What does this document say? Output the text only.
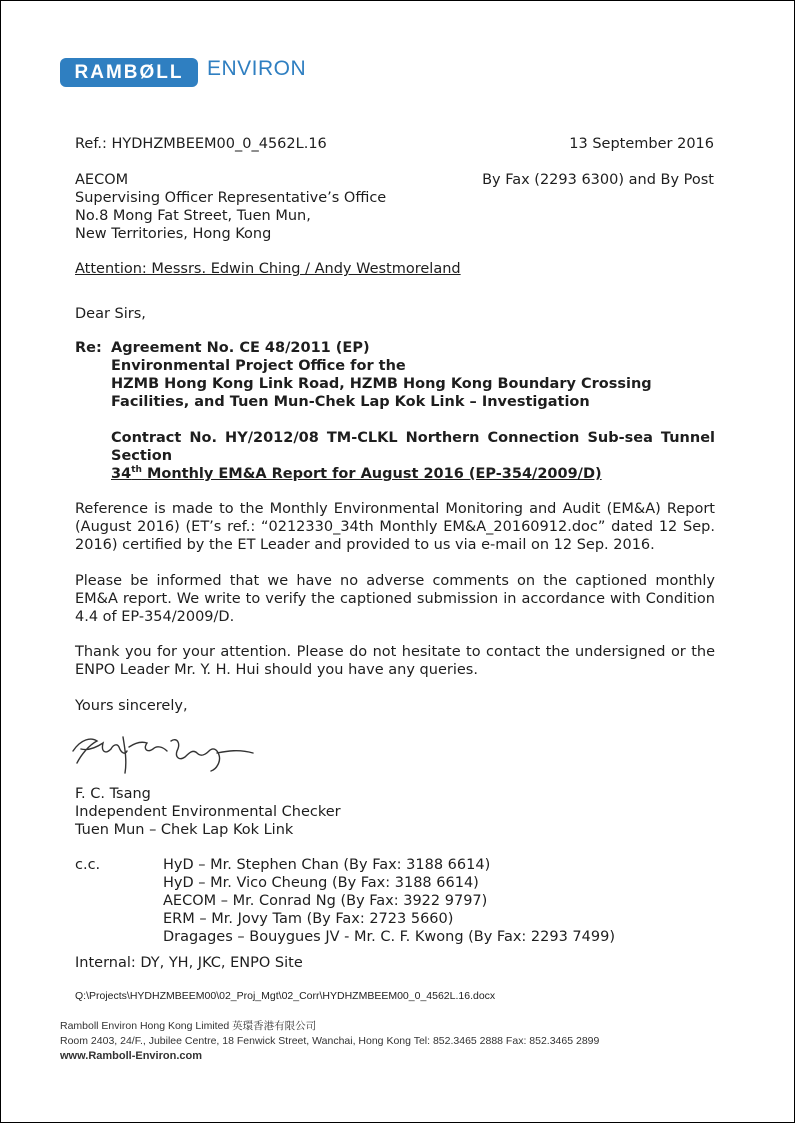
RAMBØLL	ENVIRON
Ref.: HYDHZMBEEM00_0_4562L.16	13 September 2016
AECOM
Supervising Officer Representative’s Office
No.8 Mong Fat Street, Tuen Mun,
New Territories, Hong Kong
By Fax (2293 6300) and By Post
Attention: Messrs. Edwin Ching / Andy Westmoreland
Dear Sirs,
Re: Agreement No. CE 48/2011 (EP)
Environmental Project Office for the
HZMB Hong Kong Link Road, HZMB Hong Kong Boundary Crossing
Facilities, and Tuen Mun-Chek Lap Kok Link – Investigation
Contract No. HY/2012/08 TM-CLKL Northern Connection Sub-sea Tunnel Section
34th Monthly EM&A Report for August 2016 (EP-354/2009/D)
Reference is made to the Monthly Environmental Monitoring and Audit (EM&A) Report (August 2016) (ET’s ref.: “0212330_34th Monthly EM&A_20160912.doc” dated 12 Sep. 2016) certified by the ET Leader and provided to us via e-mail on 12 Sep. 2016.
Please be informed that we have no adverse comments on the captioned monthly EM&A report. We write to verify the captioned submission in accordance with Condition 4.4 of EP-354/2009/D.
Thank you for your attention. Please do not hesitate to contact the undersigned or the ENPO Leader Mr. Y. H. Hui should you have any queries.
Yours sincerely,
F. C. Tsang
Independent Environmental Checker
Tuen Mun – Chek Lap Kok Link
c.c.	HyD – Mr. Stephen Chan (By Fax: 3188 6614)
HyD – Mr. Vico Cheung (By Fax: 3188 6614)
AECOM – Mr. Conrad Ng (By Fax: 3922 9797)
ERM – Mr. Jovy Tam (By Fax: 2723 5660)
Dragages – Bouygues JV - Mr. C. F. Kwong (By Fax: 2293 7499)
Internal: DY, YH, JKC, ENPO Site
Q:\Projects\HYDHZMBEEM00\02_Proj_Mgt\02_Corr\HYDHZMBEEM00_0_4562L.16.docx
Ramboll Environ Hong Kong Limited 英環香港有限公司
Room 2403, 24/F., Jubilee Centre, 18 Fenwick Street, Wanchai, Hong Kong Tel: 852.3465 2888 Fax: 852.3465 2899
www.Ramboll-Environ.com
